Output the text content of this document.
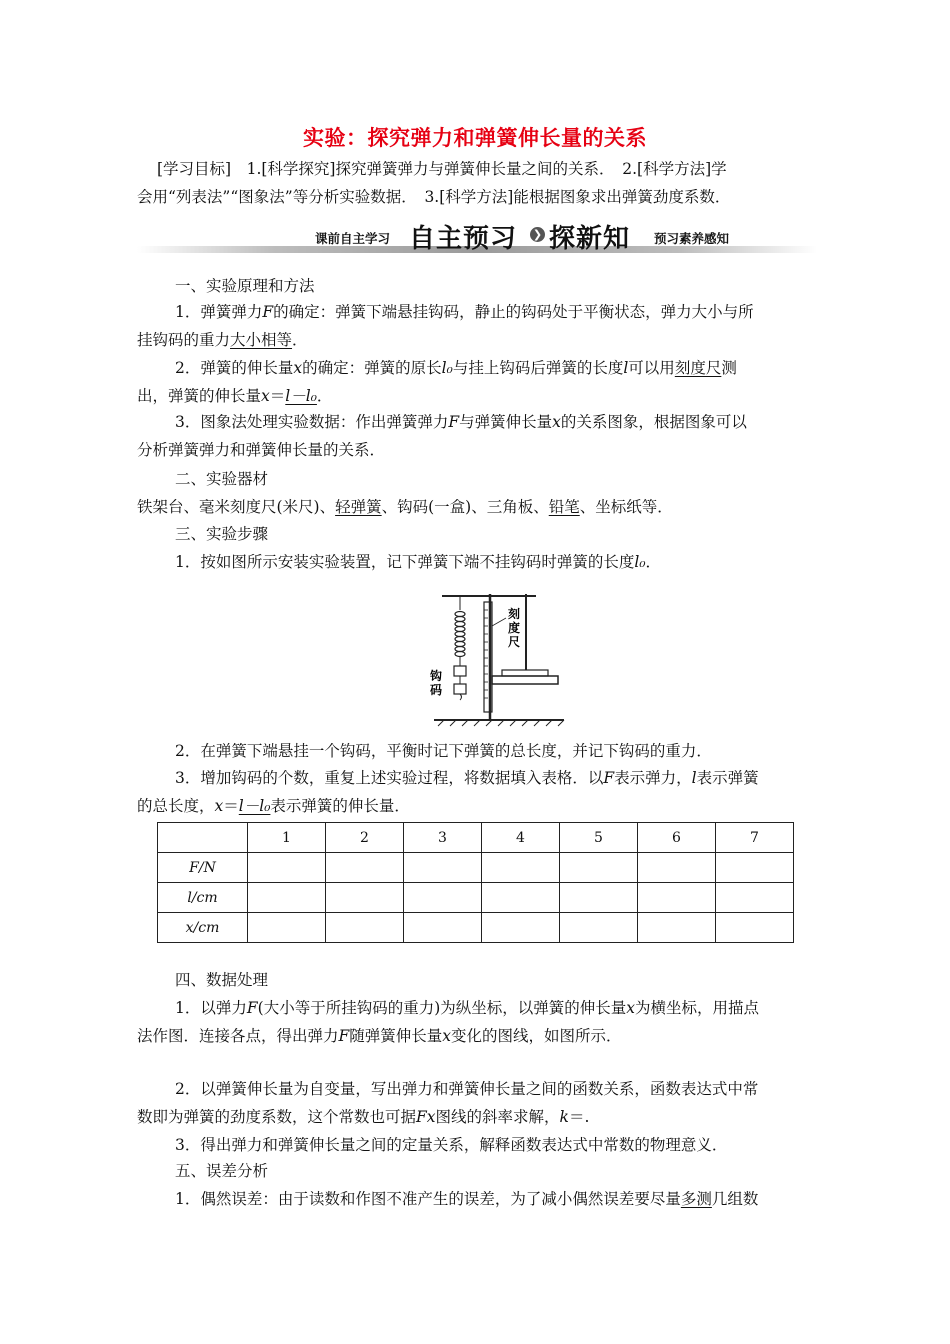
实验：探究弹力和弹簧伸长量的关系

[学习目标]　1.[科学探究]探究弹簧弹力与弹簧伸长量之间的关系．　2.[科学方法]学

会用“列表法”“图象法”等分析实验数据．　3.[科学方法]能根据图象求出弹簧劲度系数．

课前自主学习 自主预习 ❯ 探新知 预习素养感知

一、实验原理和方法

1．弹簧弹力F的确定：弹簧下端悬挂钩码，静止的钩码处于平衡状态，弹力大小与所

挂钩码的重力大小相等．

2．弹簧的伸长量x的确定：弹簧的原长l₀与挂上钩码后弹簧的长度l可以用刻度尺测

出，弹簧的伸长量x＝l－l₀．

3．图象法处理实验数据：作出弹簧弹力F与弹簧伸长量x的关系图象，根据图象可以

分析弹簧弹力和弹簧伸长量的关系．

二、实验器材

铁架台、毫米刻度尺(米尺)、轻弹簧、钩码(一盒)、三角板、铅笔、坐标纸等．

三、实验步骤

1．按如图所示安装实验装置，记下弹簧下端不挂钩码时弹簧的长度l₀．

刻
度
尺
钩
码

2．在弹簧下端悬挂一个钩码，平衡时记下弹簧的总长度，并记下钩码的重力．

3．增加钩码的个数，重复上述实验过程，将数据填入表格．以F表示弹力，l表示弹簧

的总长度，x＝l－l₀表示弹簧的伸长量．

	1	2	3	4	5	6	7
F/N							
l/cm							
x/cm							

四、数据处理

1．以弹力F(大小等于所挂钩码的重力)为纵坐标，以弹簧的伸长量x为横坐标，用描点

法作图．连接各点，得出弹力F随弹簧伸长量x变化的图线，如图所示．

2．以弹簧伸长量为自变量，写出弹力和弹簧伸长量之间的函数关系，函数表达式中常

数即为弹簧的劲度系数，这个常数也可据Fx图线的斜率求解，k＝.

3．得出弹力和弹簧伸长量之间的定量关系，解释函数表达式中常数的物理意义．

五、误差分析

1．偶然误差：由于读数和作图不准产生的误差，为了减小偶然误差要尽量多测几组数
